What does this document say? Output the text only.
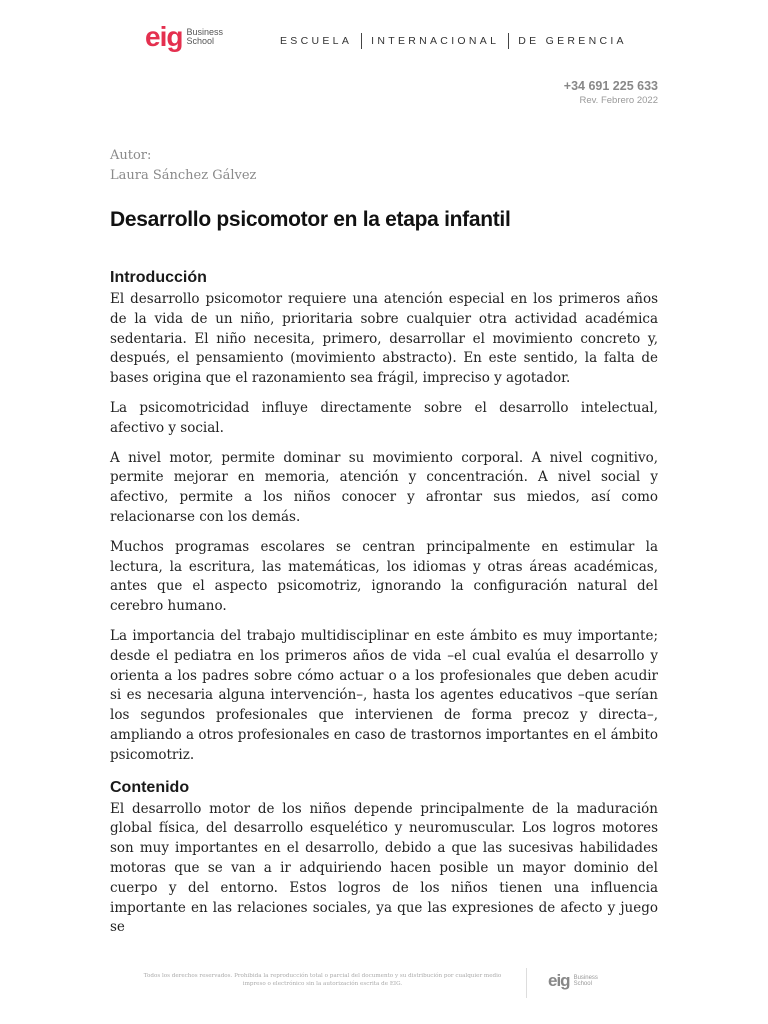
eig Business
School	ESCUELA INTERNACIONAL DE GERENCIA
+34 691 225 633
Rev. Febrero 2022
Autor:
Laura Sánchez Gálvez
Desarrollo psicomotor en la etapa infantil
Introducción

El desarrollo psicomotor requiere una atención especial en los primeros años de la vida de un niño, prioritaria sobre cualquier otra actividad académica sedentaria. El niño necesita, primero, desarrollar el movimiento concreto y, después, el pensamiento (movimiento abstracto). En este sentido, la falta de bases origina que el razonamiento sea frágil, impreciso y agotador.

La psicomotricidad influye directamente sobre el desarrollo intelectual, afectivo y social.

A nivel motor, permite dominar su movimiento corporal. A nivel cognitivo, permite mejorar en memoria, atención y concentración. A nivel social y afectivo, permite a los niños conocer y afrontar sus miedos, así como relacionarse con los demás.

Muchos programas escolares se centran principalmente en estimular la lectura, la escritura, las matemáticas, los idiomas y otras áreas académicas, antes que el aspecto psicomotriz, ignorando la configuración natural del cerebro humano.

La importancia del trabajo multidisciplinar en este ámbito es muy importante; desde el pediatra en los primeros años de vida –el cual evalúa el desarrollo y orienta a los padres sobre cómo actuar o a los profesionales que deben acudir si es necesaria alguna intervención–, hasta los agentes educativos –que serían los segundos profesionales que intervienen de forma precoz y directa–, ampliando a otros profesionales en caso de trastornos importantes en el ámbito psicomotriz.

Contenido

El desarrollo motor de los niños depende principalmente de la maduración global física, del desarrollo esquelético y neuromuscular. Los logros motores son muy importantes en el desarrollo, debido a que las sucesivas habilidades motoras que se van a ir adquiriendo hacen posible un mayor dominio del cuerpo y del entorno. Estos logros de los niños tienen una influencia importante en las relaciones sociales, ya que las expresiones de afecto y juego se

Todos los derechos reservados. Prohibida la reproducción total o parcial del documento y su distribución por cualquier medio impreso o electrónico sin la autorización escrita de EIG.	eig Business
School
